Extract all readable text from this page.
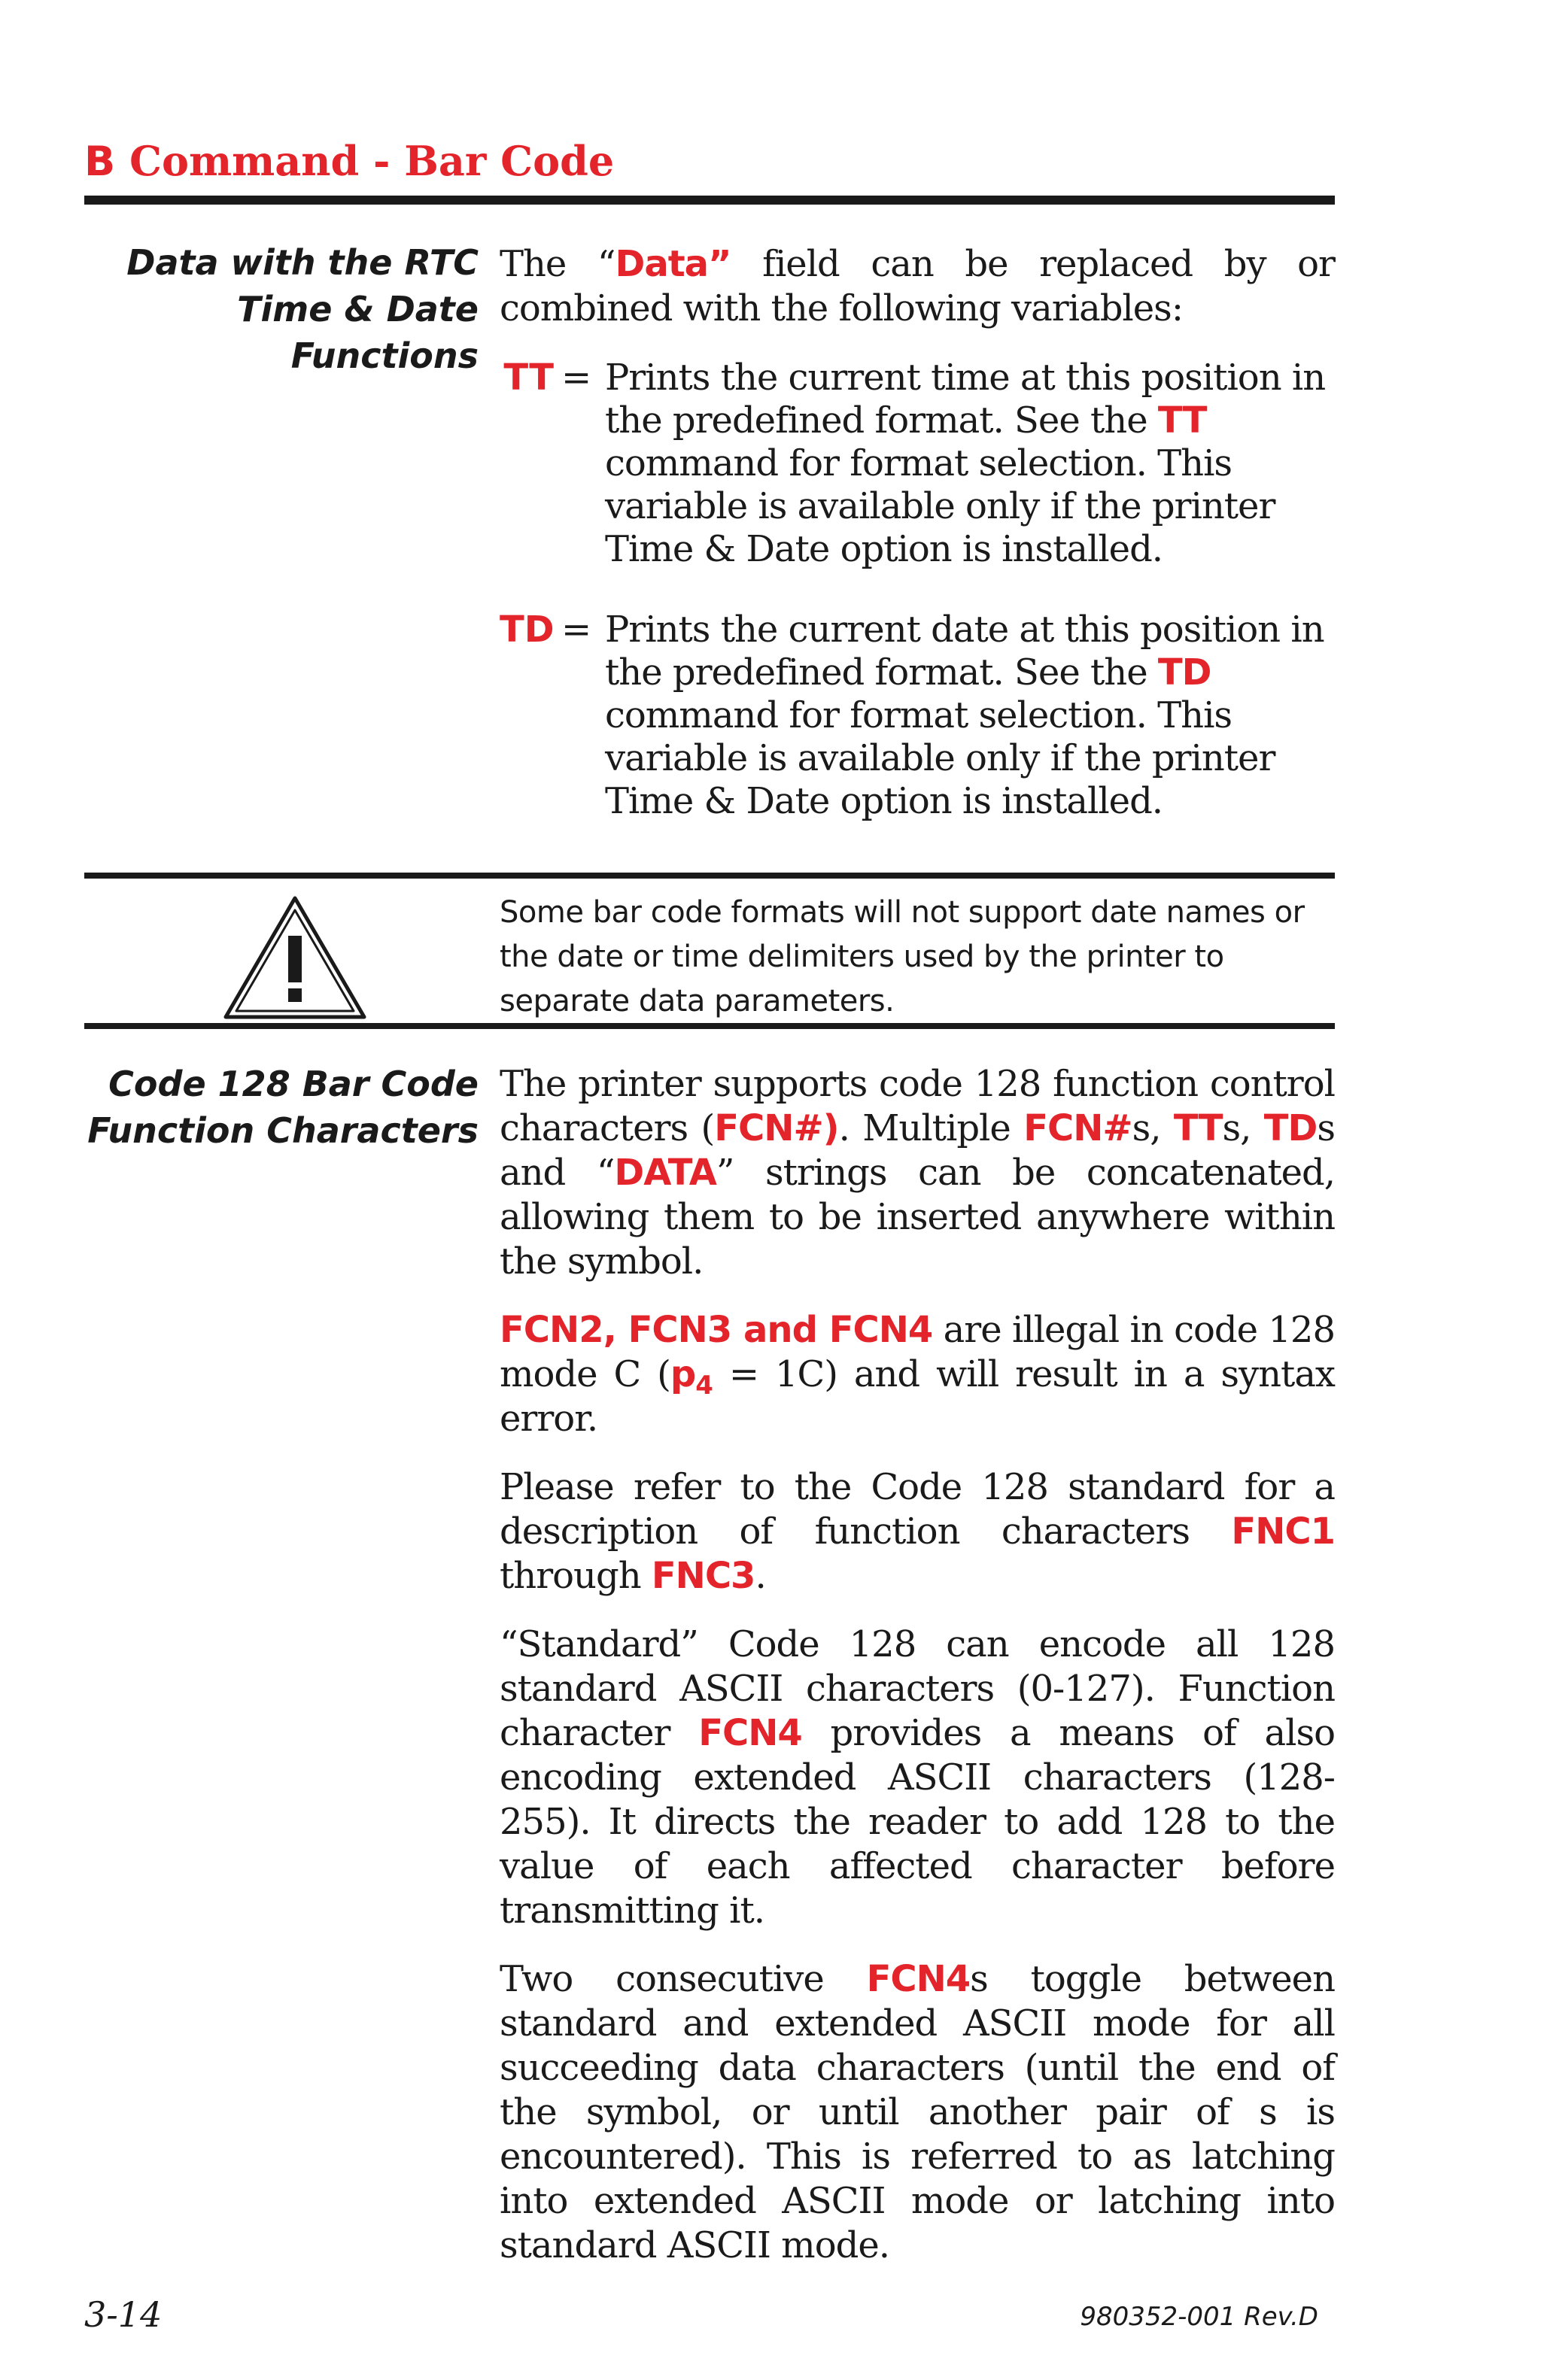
B Command - Bar Code
Data with the RTC
Time & Date
Functions

The “Data” field can be replaced by or combined with the following variables:

TT = Prints the current time at this position in the predefined format. See the TT command for format selection. This variable is available only if the printer Time & Date option is installed.
TD = Prints the current date at this position in the predefined format. See the TD command for format selection. This variable is available only if the printer Time & Date option is installed.

Some bar code formats will not support date names or the date or time delimiters used by the printer to separate data parameters.

Code 128 Bar Code
Function Characters

The printer supports code 128 function control characters (FCN#). Multiple FCN#s, TTs, TDs and “DATA” strings can be concatenated, allowing them to be inserted anywhere within the symbol.

FCN2, FCN3 and FCN4 are illegal in code 128 mode C $(p_4 = 1C)$ and will result in a syntax error.

Please refer to the Code 128 standard for a description of function characters FNC1 through FNC3.

“Standard” Code 128 can encode all 128 standard ASCII characters (0-127). Function character FCN4 provides a means of also encoding extended ASCII characters (128-255). It directs the reader to add 128 to the value of each affected character before transmitting it.

Two consecutive FCN4s toggle between standard and extended ASCII mode for all succeeding data characters (until the end of the symbol, or until another pair of s is encountered). This is referred to as latching into extended ASCII mode or latching into standard ASCII mode.

3-14	980352-001 Rev.D
